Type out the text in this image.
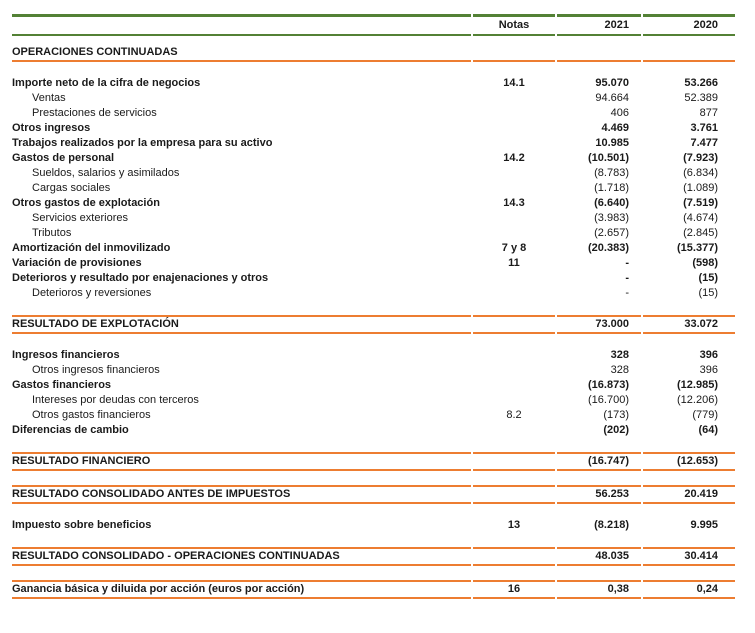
	Notas	2021	2020
OPERACIONES CONTINUADAS			

Importe neto de la cifra de negocios	14.1	95.070	53.266
Ventas		94.664	52.389
Prestaciones de servicios		406	877
Otros ingresos		4.469	3.761
Trabajos realizados por la empresa para su activo		10.985	7.477
Gastos de personal	14.2	(10.501)	(7.923)
Sueldos, salarios y asimilados		(8.783)	(6.834)
Cargas sociales		(1.718)	(1.089)
Otros gastos de explotación	14.3	(6.640)	(7.519)
Servicios exteriores		(3.983)	(4.674)
Tributos		(2.657)	(2.845)
Amortización del inmovilizado	7 y 8	(20.383)	(15.377)
Variación de provisiones	11	-	(598)
Deterioros y resultado por enajenaciones y otros		-	(15)
Deterioros y reversiones		-	(15)

RESULTADO DE EXPLOTACIÓN		73.000	33.072

Ingresos financieros		328	396
Otros ingresos financieros		328	396
Gastos financieros		(16.873)	(12.985)
Intereses por deudas con terceros		(16.700)	(12.206)
Otros gastos financieros	8.2	(173)	(779)
Diferencias de cambio		(202)	(64)

RESULTADO FINANCIERO		(16.747)	(12.653)

RESULTADO CONSOLIDADO ANTES DE IMPUESTOS		56.253	20.419

Impuesto sobre beneficios	13	(8.218)	9.995

RESULTADO CONSOLIDADO - OPERACIONES CONTINUADAS		48.035	30.414

Ganancia básica y diluida por acción (euros por acción)	16	0,38	0,24
